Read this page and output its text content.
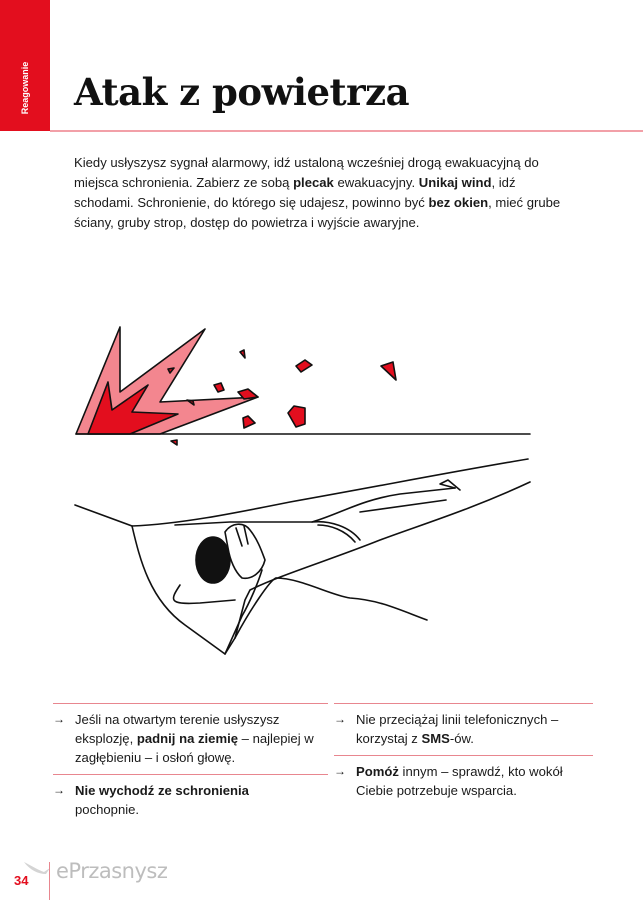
Reagowanie Atak z powietrza

Kiedy usłyszysz sygnał alarmowy, idź ustaloną wcześniej drogą ewakuacyjną do miejsca schronienia. Zabierz ze sobą plecak ewakuacyjny. Unikaj wind, idź schodami. Schronienie, do którego się udajesz, powinno być bez okien, mieć grube ściany, gruby strop, dostęp do powietrza i wyjście awaryjne.

→ Jeśli na otwartym terenie usłyszysz eksplozję, padnij na ziemię – najlepiej w zagłębieniu – i osłoń głowę.
→ Nie wychodź ze schronienia
pochopnie.
→ Nie przeciążaj linii telefonicznych – korzystaj z SMS-ów.
→ Pomóż innym – sprawdź, kto wokół Ciebie potrzebuje wsparcia.
34 ePrzasnysz
